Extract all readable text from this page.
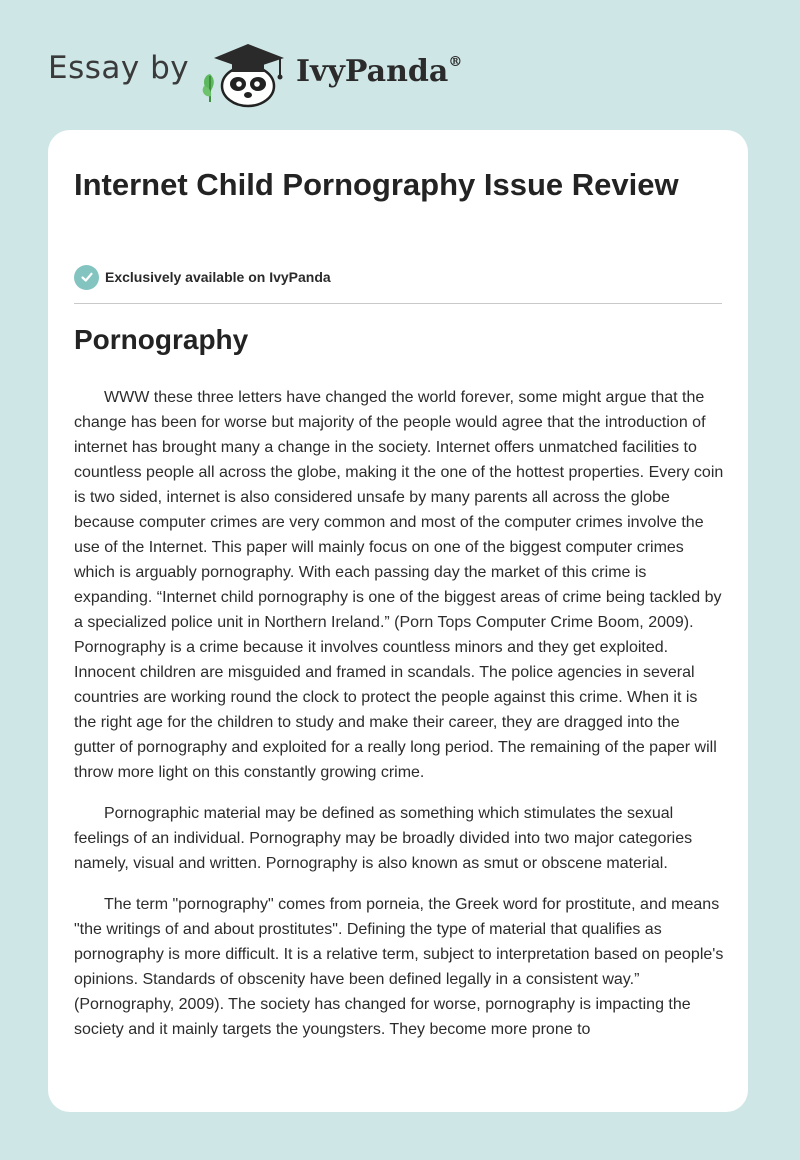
Essay by	IvyPanda®
Internet Child Pornography Issue Review
Exclusively available on IvyPanda
Pornography

WWW these three letters have changed the world forever, some might argue that the change has been for worse but majority of the people would agree that the introduction of internet has brought many a change in the society. Internet offers unmatched facilities to countless people all across the globe, making it the one of the hottest properties. Every coin is two sided, internet is also considered unsafe by many parents all across the globe because computer crimes are very common and most of the computer crimes involve the use of the Internet. This paper will mainly focus on one of the biggest computer crimes which is arguably pornography. With each passing day the market of this crime is expanding. “Internet child pornography is one of the biggest areas of crime being tackled by a specialized police unit in Northern Ireland.” (Porn Tops Computer Crime Boom, 2009). Pornography is a crime because it involves countless minors and they get exploited. Innocent children are misguided and framed in scandals. The police agencies in several countries are working round the clock to protect the people against this crime. When it is the right age for the children to study and make their career, they are dragged into the gutter of pornography and exploited for a really long period. The remaining of the paper will throw more light on this constantly growing crime.

Pornographic material may be defined as something which stimulates the sexual feelings of an individual. Pornography may be broadly divided into two major categories namely, visual and written. Pornography is also known as smut or obscene material.

The term "pornography" comes from porneia, the Greek word for prostitute, and means "the writings of and about prostitutes". Defining the type of material that qualifies as pornography is more difficult. It is a relative term, subject to interpretation based on people's opinions. Standards of obscenity have been defined legally in a consistent way.” (Pornography, 2009). The society has changed for worse, pornography is impacting the society and it mainly targets the youngsters. They become more prone to
